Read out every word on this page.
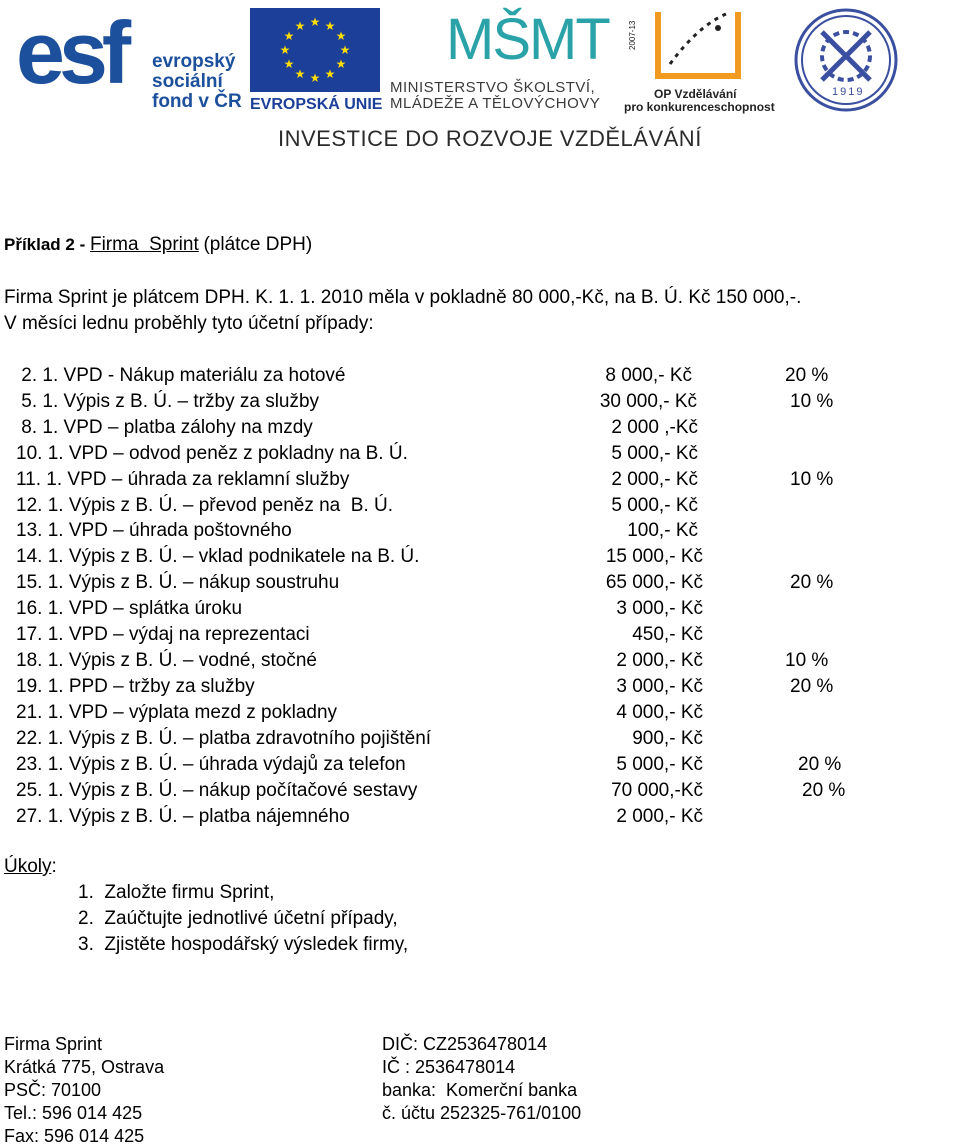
esf evropský
sociální
fond v ČR
★ ★
★
★
★
★
★
★
★
★
★
★
EVROPSKÁ UNIE
MŠMT
MINISTERSTVO ŠKOLSTVÍ,
MLÁDEŽE A TĚLOVÝCHOVY
2007-13
OP Vzdělávání
pro konkurenceschopnost
1919
INVESTICE DO ROZVOJE VZDĚLÁVÁNÍ
Příklad 2 - Firma  Sprint (plátce DPH)
Firma Sprint je plátcem DPH. K. 1. 1. 2010 měla v pokladně 80 000,-Kč, na B. Ú. Kč 150 000,-.
V měsíci lednu proběhly tyto účetní případy:
2. 1. VPD - Nákup materiálu za hotové	8 000,- Kč	20 %
5. 1. Výpis z B. Ú. – tržby za služby	30 000,- Kč	10 %
8. 1. VPD – platba zálohy na mzdy	2 000 ,-Kč
10. 1. VPD – odvod peněz z pokladny na B. Ú.	5 000,- Kč
11. 1. VPD – úhrada za reklamní služby	2 000,- Kč	10 %
12. 1. Výpis z B. Ú. – převod peněz na  B. Ú.	5 000,- Kč
13. 1. VPD – úhrada poštovného	100,- Kč
14. 1. Výpis z B. Ú. – vklad podnikatele na B. Ú.	15 000,- Kč
15. 1. Výpis z B. Ú. – nákup soustruhu	65 000,- Kč	20 %
16. 1. VPD – splátka úroku	3 000,- Kč
17. 1. VPD – výdaj na reprezentaci	450,- Kč
18. 1. Výpis z B. Ú. – vodné, stočné	2 000,- Kč	10 %
19. 1. PPD – tržby za služby	3 000,- Kč	20 %
21. 1. VPD – výplata mezd z pokladny	4 000,- Kč
22. 1. Výpis z B. Ú. – platba zdravotního pojištění	900,- Kč
23. 1. Výpis z B. Ú. – úhrada výdajů za telefon	5 000,- Kč	20 %
25. 1. Výpis z B. Ú. – nákup počítačové sestavy	70 000,-Kč	20 %
27. 1. Výpis z B. Ú. – platba nájemného	2 000,- Kč
Úkoly:
1.  Založte firmu Sprint,
2.  Zaúčtujte jednotlivé účetní případy,
3.  Zjistěte hospodářský výsledek firmy,
Firma Sprint
Krátká 775, Ostrava
PSČ: 70100
Tel.: 596 014 425
Fax: 596 014 425
DIČ: CZ2536478014
IČ : 2536478014
banka:  Komerční banka
č. účtu 252325-761/0100
